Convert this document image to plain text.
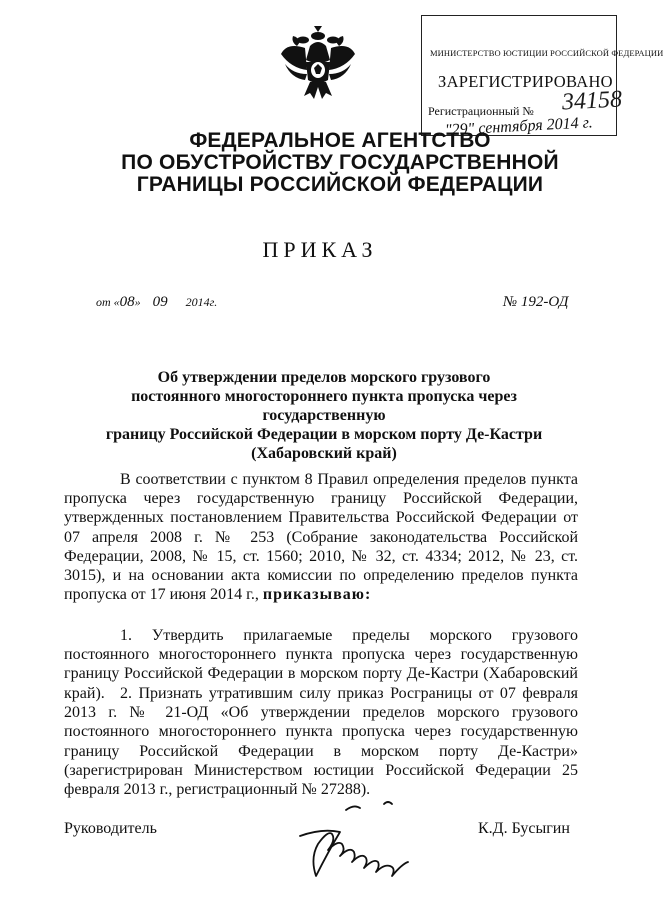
МИНИСТЕРСТВО ЮСТИЦИИ РОССИЙСКОЙ ФЕДЕРАЦИИ
ЗАРЕГИСТРИРОВАНО
Регистрационный № 34158
"29" сентября 2014 г.
ФЕДЕРАЛЬНОЕ АГЕНТСТВО
ПО ОБУСТРОЙСТВУ ГОСУДАРСТВЕННОЙ
ГРАНИЦЫ РОССИЙСКОЙ ФЕДЕРАЦИИ
ПРИКАЗ
от «08» 09 2014г.	№ 192-ОД
Об утверждении пределов морского грузового
постоянного многостороннего пункта пропуска через государственную
границу Российской Федерации в морском порту Де-Кастри
(Хабаровский край)

В соответствии с пунктом 8 Правил определения пределов пункта пропуска через государственную границу Российской Федерации, утвержденных постановлением Правительства Российской Федерации от 07 апреля 2008 г. № 253 (Собрание законодательства Российской Федерации, 2008, № 15, ст. 1560; 2010, № 32, ст. 4334; 2012, № 23, ст. 3015), и на основании акта комиссии по определению пределов пункта пропуска от 17 июня 2014 г., приказываю:

1. Утвердить прилагаемые пределы морского грузового постоянного многостороннего пункта пропуска через государственную границу Российской Федерации в морском порту Де-Кастри (Хабаровский край). 2. Признать утратившим силу приказ Росграницы от 07 февраля 2013 г. № 21-ОД «Об утверждении пределов морского грузового постоянного многостороннего пункта пропуска через государственную границу Российской Федерации в морском порту Де-Кастри» (зарегистрирован Министерством юстиции Российской Федерации 25 февраля 2013 г., регистрационный № 27288).

Руководитель	К.Д. Бусыгин
